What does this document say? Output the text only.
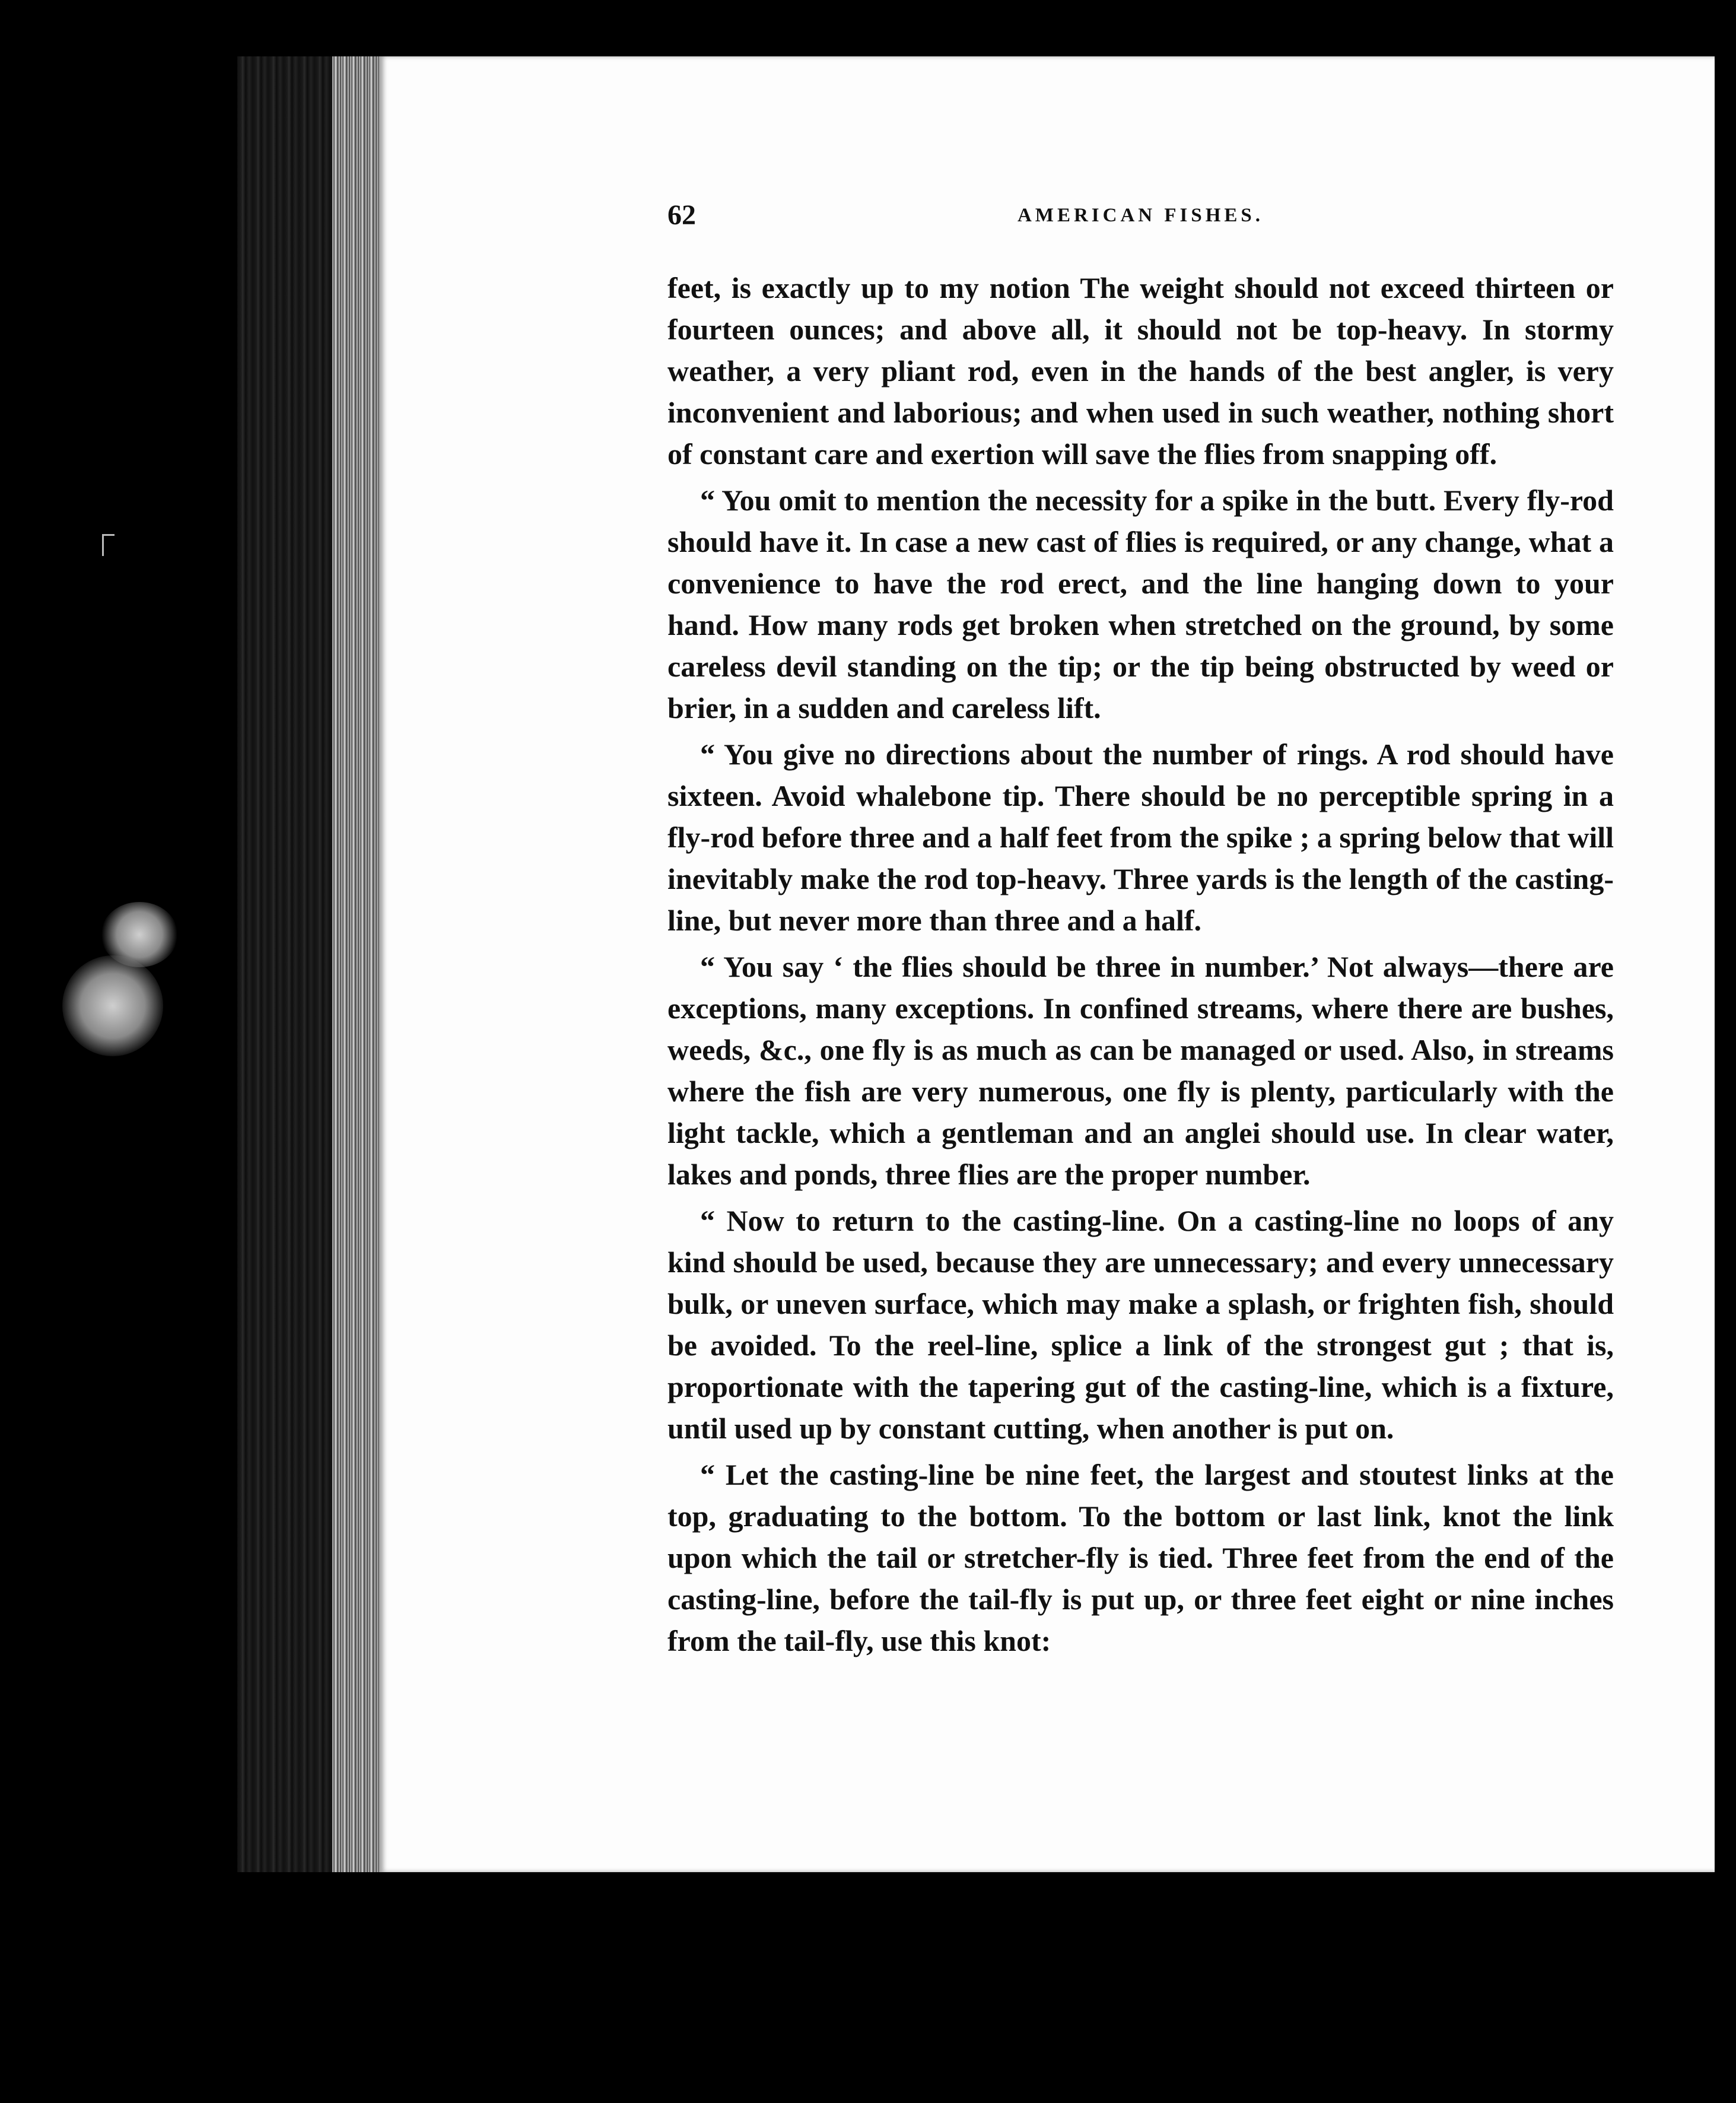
62	AMERICAN FISHES.

feet, is exactly up to my notion The weight should not exceed thirteen or fourteen ounces; and above all, it should not be top-heavy. In stormy weather, a very pliant rod, even in the hands of the best angler, is very inconvenient and laborious; and when used in such weather, nothing short of constant care and exertion will save the flies from snapping off.

“ You omit to mention the necessity for a spike in the butt. Every fly-rod should have it. In case a new cast of flies is required, or any change, what a convenience to have the rod erect, and the line hanging down to your hand. How many rods get broken when stretched on the ground, by some careless devil standing on the tip; or the tip being obstructed by weed or brier, in a sudden and careless lift.

“ You give no directions about the number of rings. A rod should have sixteen. Avoid whalebone tip. There should be no perceptible spring in a fly-rod before three and a half feet from the spike ; a spring below that will inevitably make the rod top-heavy. Three yards is the length of the casting-line, but never more than three and a half.

“ You say ‘ the flies should be three in number.’ Not always—there are exceptions, many exceptions. In confined streams, where there are bushes, weeds, &c., one fly is as much as can be managed or used. Also, in streams where the fish are very numerous, one fly is plenty, particularly with the light tackle, which a gentleman and an anglei should use. In clear water, lakes and ponds, three flies are the proper number.

“ Now to return to the casting-line. On a casting-line no loops of any kind should be used, because they are unnecessary; and every unnecessary bulk, or uneven surface, which may make a splash, or frighten fish, should be avoided. To the reel-line, splice a link of the strongest gut ; that is, proportionate with the tapering gut of the casting-line, which is a fixture, until used up by constant cutting, when another is put on.

“ Let the casting-line be nine feet, the largest and stoutest links at the top, graduating to the bottom. To the bottom or last link, knot the link upon which the tail or stretcher-fly is tied. Three feet from the end of the casting-line, before the tail-fly is put up, or three feet eight or nine inches from the tail-fly, use this knot:
